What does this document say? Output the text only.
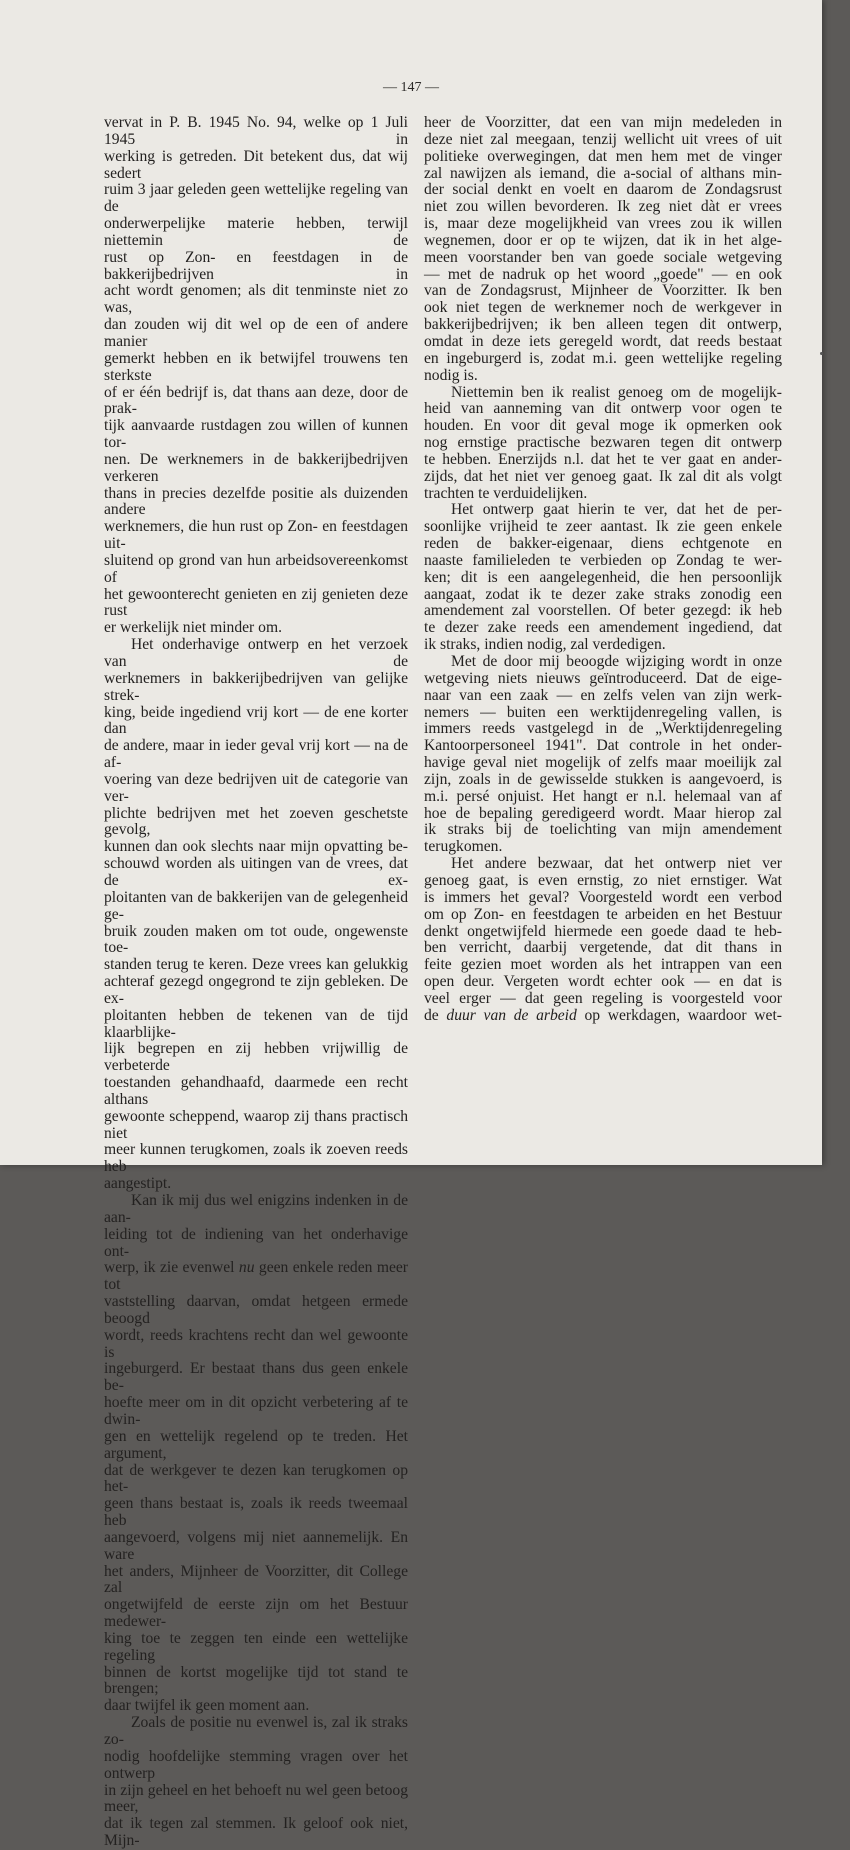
— 147 —
vervat in P. B. 1945 No. 94, welke op 1 Juli 1945 in
werking is getreden. Dit betekent dus, dat wij sedert
ruim 3 jaar geleden geen wettelijke regeling van de
onderwerpelijke materie hebben, terwijl niettemin de
rust op Zon- en feestdagen in de bakkerijbedrijven in
acht wordt genomen; als dit tenminste niet zo was,
dan zouden wij dit wel op de een of andere manier
gemerkt hebben en ik betwijfel trouwens ten sterkste
of er één bedrijf is, dat thans aan deze, door de prak-
tijk aanvaarde rustdagen zou willen of kunnen tor-
nen. De werknemers in de bakkerijbedrijven verkeren
thans in precies dezelfde positie als duizenden andere
werknemers, die hun rust op Zon- en feestdagen uit-
sluitend op grond van hun arbeidsovereenkomst of
het gewoonterecht genieten en zij genieten deze rust
er werkelijk niet minder om.
Het onderhavige ontwerp en het verzoek van de
werknemers in bakkerijbedrijven van gelijke strek-
king, beide ingediend vrij kort — de ene korter dan
de andere, maar in ieder geval vrij kort — na de af-
voering van deze bedrijven uit de categorie van ver-
plichte bedrijven met het zoeven geschetste gevolg,
kunnen dan ook slechts naar mijn opvatting be-
schouwd worden als uitingen van de vrees, dat de ex-
ploitanten van de bakkerijen van de gelegenheid ge-
bruik zouden maken om tot oude, ongewenste toe-
standen terug te keren. Deze vrees kan gelukkig
achteraf gezegd ongegrond te zijn gebleken. De ex-
ploitanten hebben de tekenen van de tijd klaarblijke-
lijk begrepen en zij hebben vrijwillig de verbeterde
toestanden gehandhaafd, daarmede een recht althans
gewoonte scheppend, waarop zij thans practisch niet
meer kunnen terugkomen, zoals ik zoeven reeds heb
aangestipt.
Kan ik mij dus wel enigzins indenken in de aan-
leiding tot de indiening van het onderhavige ont-
werp, ik zie evenwel nu geen enkele reden meer tot
vaststelling daarvan, omdat hetgeen ermede beoogd
wordt, reeds krachtens recht dan wel gewoonte is
ingeburgerd. Er bestaat thans dus geen enkele be-
hoefte meer om in dit opzicht verbetering af te dwin-
gen en wettelijk regelend op te treden. Het argument,
dat de werkgever te dezen kan terugkomen op het-
geen thans bestaat is, zoals ik reeds tweemaal heb
aangevoerd, volgens mij niet aannemelijk. En ware
het anders, Mijnheer de Voorzitter, dit College zal
ongetwijfeld de eerste zijn om het Bestuur medewer-
king toe te zeggen ten einde een wettelijke regeling
binnen de kortst mogelijke tijd tot stand te brengen;
daar twijfel ik geen moment aan.
Zoals de positie nu evenwel is, zal ik straks zo-
nodig hoofdelijke stemming vragen over het ontwerp
in zijn geheel en het behoeft nu wel geen betoog meer,
dat ik tegen zal stemmen. Ik geloof ook niet, Mijn-
heer de Voorzitter, dat een van mijn medeleden in
deze niet zal meegaan, tenzij wellicht uit vrees of uit
politieke overwegingen, dat men hem met de vinger
zal nawijzen als iemand, die a-social of althans min-
der social denkt en voelt en daarom de Zondagsrust
niet zou willen bevorderen. Ik zeg niet dàt er vrees
is, maar deze mogelijkheid van vrees zou ik willen
wegnemen, door er op te wijzen, dat ik in het alge-
meen voorstander ben van goede sociale wetgeving
— met de nadruk op het woord „goede" — en ook
van de Zondagsrust, Mijnheer de Voorzitter. Ik ben
ook niet tegen de werknemer noch de werkgever in
bakkerijbedrijven; ik ben alleen tegen dit ontwerp,
omdat in deze iets geregeld wordt, dat reeds bestaat
en ingeburgerd is, zodat m.i. geen wettelijke regeling
nodig is.
Niettemin ben ik realist genoeg om de mogelijk-
heid van aanneming van dit ontwerp voor ogen te
houden. En voor dit geval moge ik opmerken ook
nog ernstige practische bezwaren tegen dit ontwerp
te hebben. Enerzijds n.l. dat het te ver gaat en ander-
zijds, dat het niet ver genoeg gaat. Ik zal dit als volgt
trachten te verduidelijken.
Het ontwerp gaat hierin te ver, dat het de per-
soonlijke vrijheid te zeer aantast. Ik zie geen enkele
reden de bakker-eigenaar, diens echtgenote en
naaste familieleden te verbieden op Zondag te wer-
ken; dit is een aangelegenheid, die hen persoonlijk
aangaat, zodat ik te dezer zake straks zonodig een
amendement zal voorstellen. Of beter gezegd: ik heb
te dezer zake reeds een amendement ingediend, dat
ik straks, indien nodig, zal verdedigen.
Met de door mij beoogde wijziging wordt in onze
wetgeving niets nieuws geïntroduceerd. Dat de eige-
naar van een zaak — en zelfs velen van zijn werk-
nemers — buiten een werktijdenregeling vallen, is
immers reeds vastgelegd in de „Werktijdenregeling
Kantoorpersoneel 1941". Dat controle in het onder-
havige geval niet mogelijk of zelfs maar moeilijk zal
zijn, zoals in de gewisselde stukken is aangevoerd, is
m.i. persé onjuist. Het hangt er n.l. helemaal van af
hoe de bepaling geredigeerd wordt. Maar hierop zal
ik straks bij de toelichting van mijn amendement
terugkomen.
Het andere bezwaar, dat het ontwerp niet ver
genoeg gaat, is even ernstig, zo niet ernstiger. Wat
is immers het geval? Voorgesteld wordt een verbod
om op Zon- en feestdagen te arbeiden en het Bestuur
denkt ongetwijfeld hiermede een goede daad te heb-
ben verricht, daarbij vergetende, dat dit thans in
feite gezien moet worden als het intrappen van een
open deur. Vergeten wordt echter ook — en dat is
veel erger — dat geen regeling is voorgesteld voor
de duur van de arbeid op werkdagen, waardoor wet-
